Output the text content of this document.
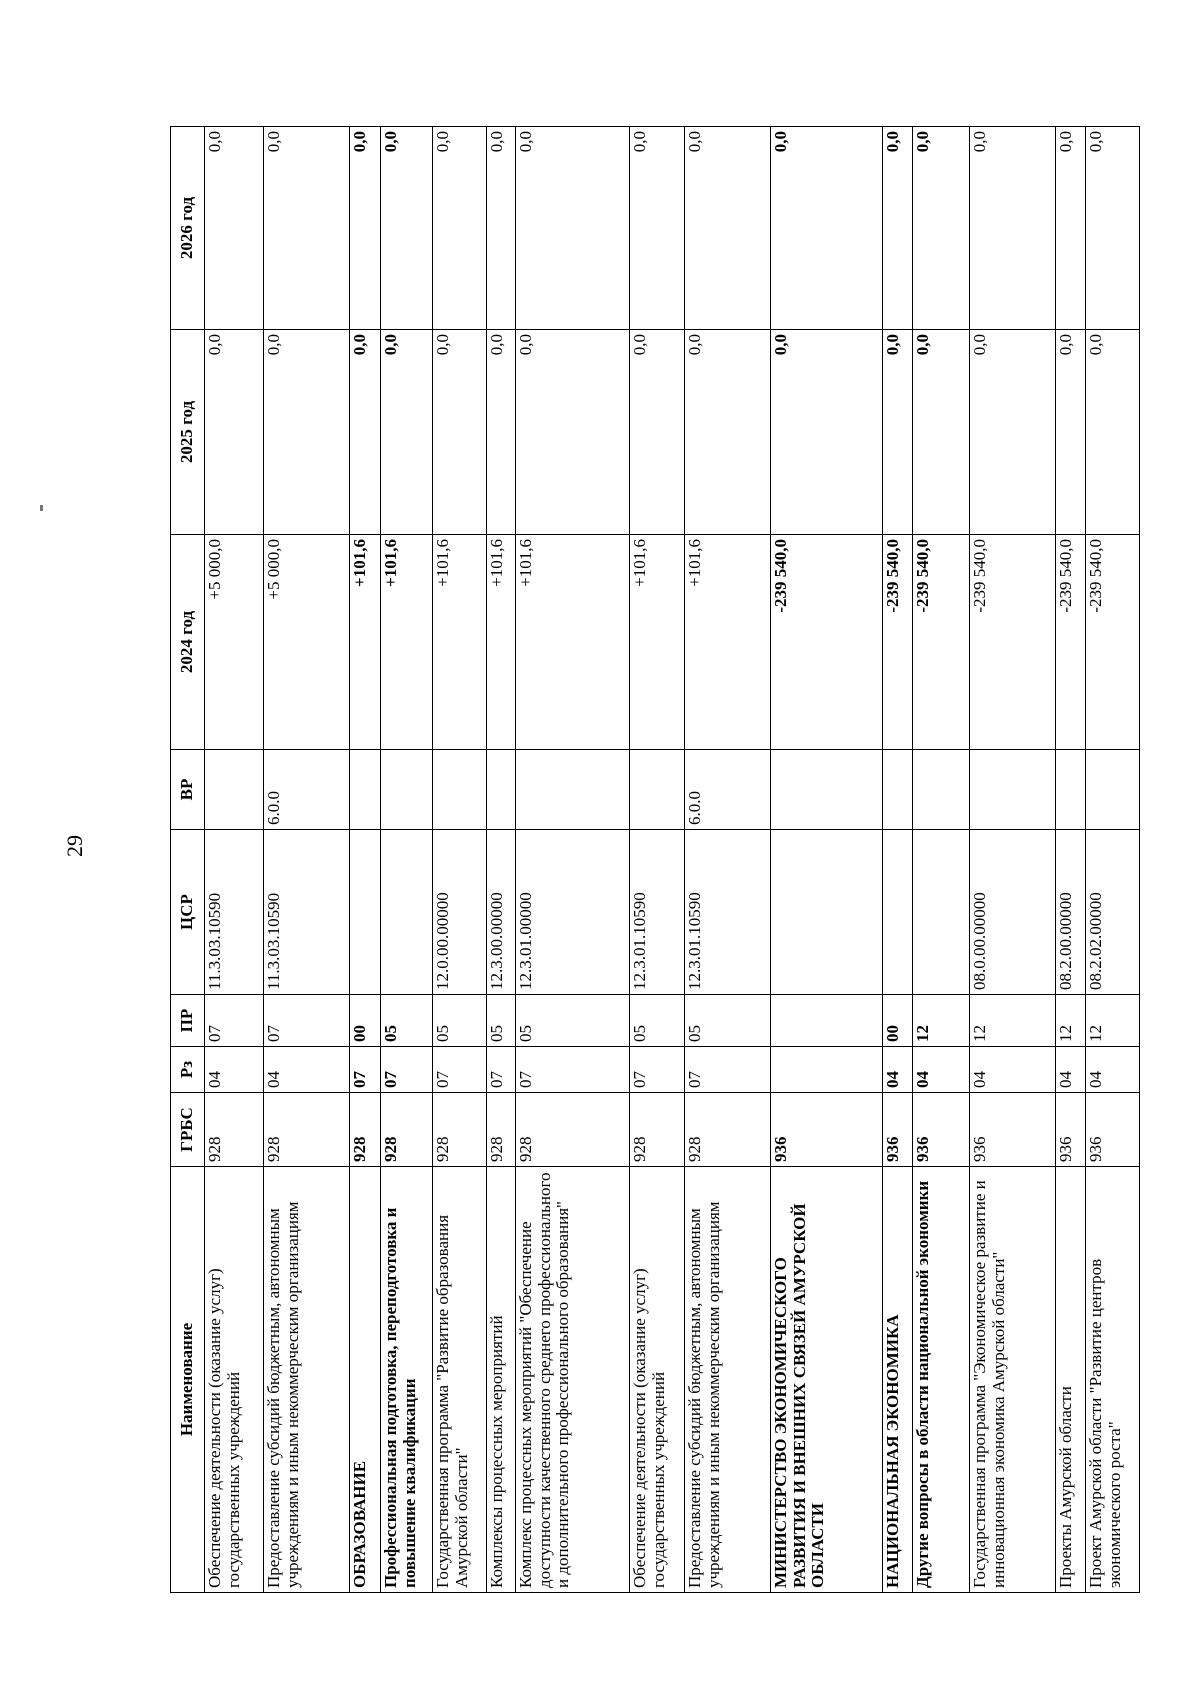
29
Наименование	ГРБС	Рз	ПР	ЦСР	ВР	2024 год	2025 год	2026 год
Обеспечение деятельности (оказание услуг) государственных учреждений	928	04	07	11.3.03.10590		+5 000,0	0,0	0,0
Предоставление субсидий бюджетным, автономным учреждениям и иным некоммерческим организациям	928	04	07	11.3.03.10590	6.0.0	+5 000,0	0,0	0,0
ОБРАЗОВАНИЕ	928	07	00			+101,6	0,0	0,0
Профессиональная подготовка, переподготовка и повышение квалификации	928	07	05			+101,6	0,0	0,0
Государственная программа "Развитие образования Амурской области"	928	07	05	12.0.00.00000		+101,6	0,0	0,0
Комплексы процессных мероприятий	928	07	05	12.3.00.00000		+101,6	0,0	0,0
Комплекс процессных мероприятий "Обеспечение доступности качественного среднего профессионального и дополнительного профессионального образования"	928	07	05	12.3.01.00000		+101,6	0,0	0,0
Обеспечение деятельности (оказание услуг) государственных учреждений	928	07	05	12.3.01.10590		+101,6	0,0	0,0
Предоставление субсидий бюджетным, автономным учреждениям и иным некоммерческим организациям	928	07	05	12.3.01.10590	6.0.0	+101,6	0,0	0,0
МИНИСТЕРСТВО ЭКОНОМИЧЕСКОГО РАЗВИТИЯ И ВНЕШНИХ СВЯЗЕЙ АМУРСКОЙ ОБЛАСТИ	936					-239 540,0	0,0	0,0
НАЦИОНАЛЬНАЯ ЭКОНОМИКА	936	04	00			-239 540,0	0,0	0,0
Другие вопросы в области национальной экономики	936	04	12			-239 540,0	0,0	0,0
Государственная программа "Экономическое развитие и инновационная экономика Амурской области"	936	04	12	08.0.00.00000		-239 540,0	0,0	0,0
Проекты Амурской области	936	04	12	08.2.00.00000		-239 540,0	0,0	0,0
Проект Амурской области "Развитие центров экономического роста"	936	04	12	08.2.02.00000		-239 540,0	0,0	0,0
